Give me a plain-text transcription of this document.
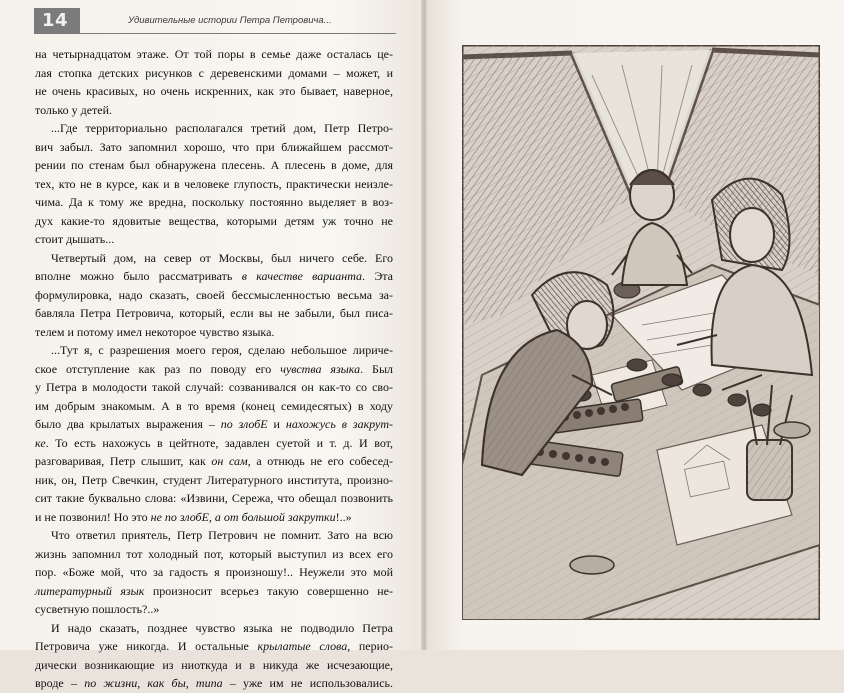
14	Удивительные истории Петра Петровича...
на четырнадцатом этаже. От той поры в семье даже осталась це-
лая стопка детских рисунков с деревенскими домами – может, и
не очень красивых, но очень искренних, как это бывает, наверное,
только у детей.
...Где территориально располагался третий дом, Петр Петро-
вич забыл. Зато запомнил хорошо, что при ближайшем рассмот-
рении по стенам был обнаружена плесень. А плесень в доме, для
тех, кто не в курсе, как и в человеке глупость, практически неизле-
чима. Да к тому же вредна, поскольку постоянно выделяет в воз-
дух какие-то ядовитые вещества, которыми детям уж точно не
стоит дышать...
Четвертый дом, на север от Москвы, был ничего себе. Его
вполне можно было рассматривать в качестве варианта. Эта
формулировка, надо сказать, своей бессмысленностью весьма за-
бавляла Петра Петровича, который, если вы не забыли, был писа-
телем и потому имел некоторое чувство языка.
...Тут я, с разрешения моего героя, сделаю небольшое лириче-
ское отступление как раз по поводу его чувства языка. Был
у Петра в молодости такой случай: созванивался он как-то со сво-
им добрым знакомым. А в то время (конец семидесятых) в ходу
было два крылатых выражения – по злобЕ и нахожусь в закрут-
ке. То есть нахожусь в цейтноте, задавлен суетой и т. д. И вот,
разговаривая, Петр слышит, как он сам, а отнюдь не его собесед-
ник, он, Петр Свечкин, студент Литературного института, произно-
сит такие буквально слова: «Извини, Сережа, что обещал позвонить
и не позвонил! Но это не по злобЕ, а от большой закрутки!..»
Что ответил приятель, Петр Петрович не помнит. Зато на всю
жизнь запомнил тот холодный пот, который выступил из всех его
пор. «Боже мой, что за гадость я произношу!.. Неужели это мой
литературный язык произносит всерьез такую совершенно не-
сусветную пошлость?..»
И надо сказать, позднее чувство языка не подводило Петра
Петровича уже никогда. И остальные крылатые слова, перио-
дически возникающие из ниоткуда и в никуда же исчезающие,
вроде – по жизни, как бы, типа – уже им не использовались.
